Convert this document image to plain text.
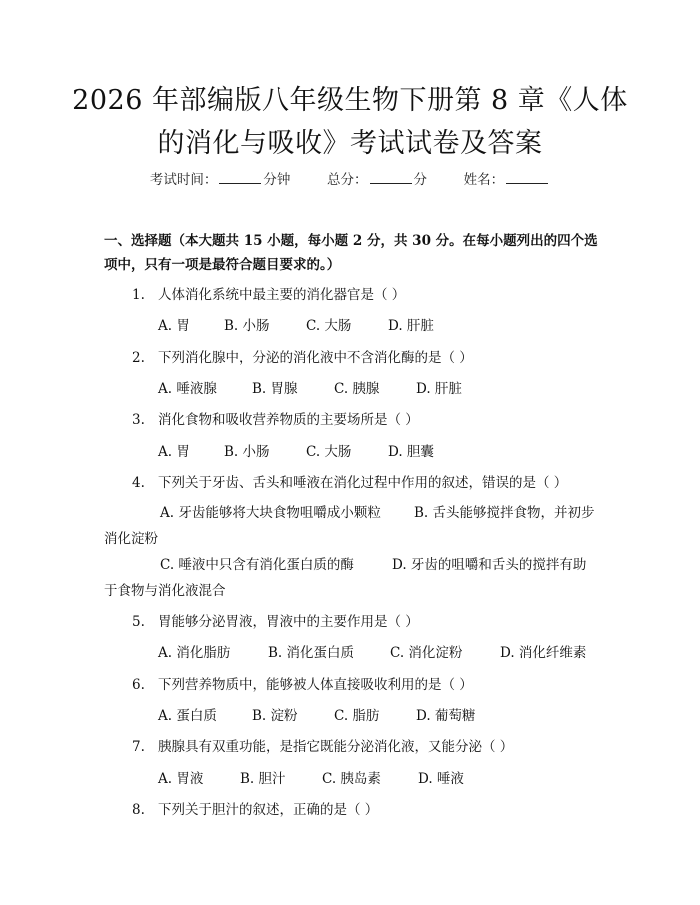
2026 年部编版八年级生物下册第 8 章《人体
的消化与吸收》考试试卷及答案
考试时间：	分钟	总分：	分	姓名：
一、选择题（本大题共 15 小题，每小题 2 分，共 30 分。在每小题列出的四个选项中，只有一项是最符合题目要求的。）
1. 人体消化系统中最主要的消化器官是（ ）
A. 胃	B. 小肠	C. 大肠	D. 肝脏
2. 下列消化腺中，分泌的消化液中不含消化酶的是（ ）
A. 唾液腺	B. 胃腺	C. 胰腺	D. 肝脏
3. 消化食物和吸收营养物质的主要场所是（ ）
A. 胃	B. 小肠	C. 大肠	D. 胆囊
4. 下列关于牙齿、舌头和唾液在消化过程中作用的叙述，错误的是（ ）
A. 牙齿能够将大块食物咀嚼成小颗粒 B. 舌头能够搅拌食物，并初步消化淀粉
C. 唾液中只含有消化蛋白质的酶	D. 牙齿的咀嚼和舌头的搅拌有助于食物与消化液混合
5. 胃能够分泌胃液，胃液中的主要作用是（ ）
A. 消化脂肪	B. 消化蛋白质	C. 消化淀粉	D. 消化纤维素
6. 下列营养物质中，能够被人体直接吸收利用的是（ ）
A. 蛋白质	B. 淀粉	C. 脂肪	D. 葡萄糖
7. 胰腺具有双重功能，是指它既能分泌消化液，又能分泌（ ）
A. 胃液	B. 胆汁	C. 胰岛素	D. 唾液
8. 下列关于胆汁的叙述，正确的是（ ）
